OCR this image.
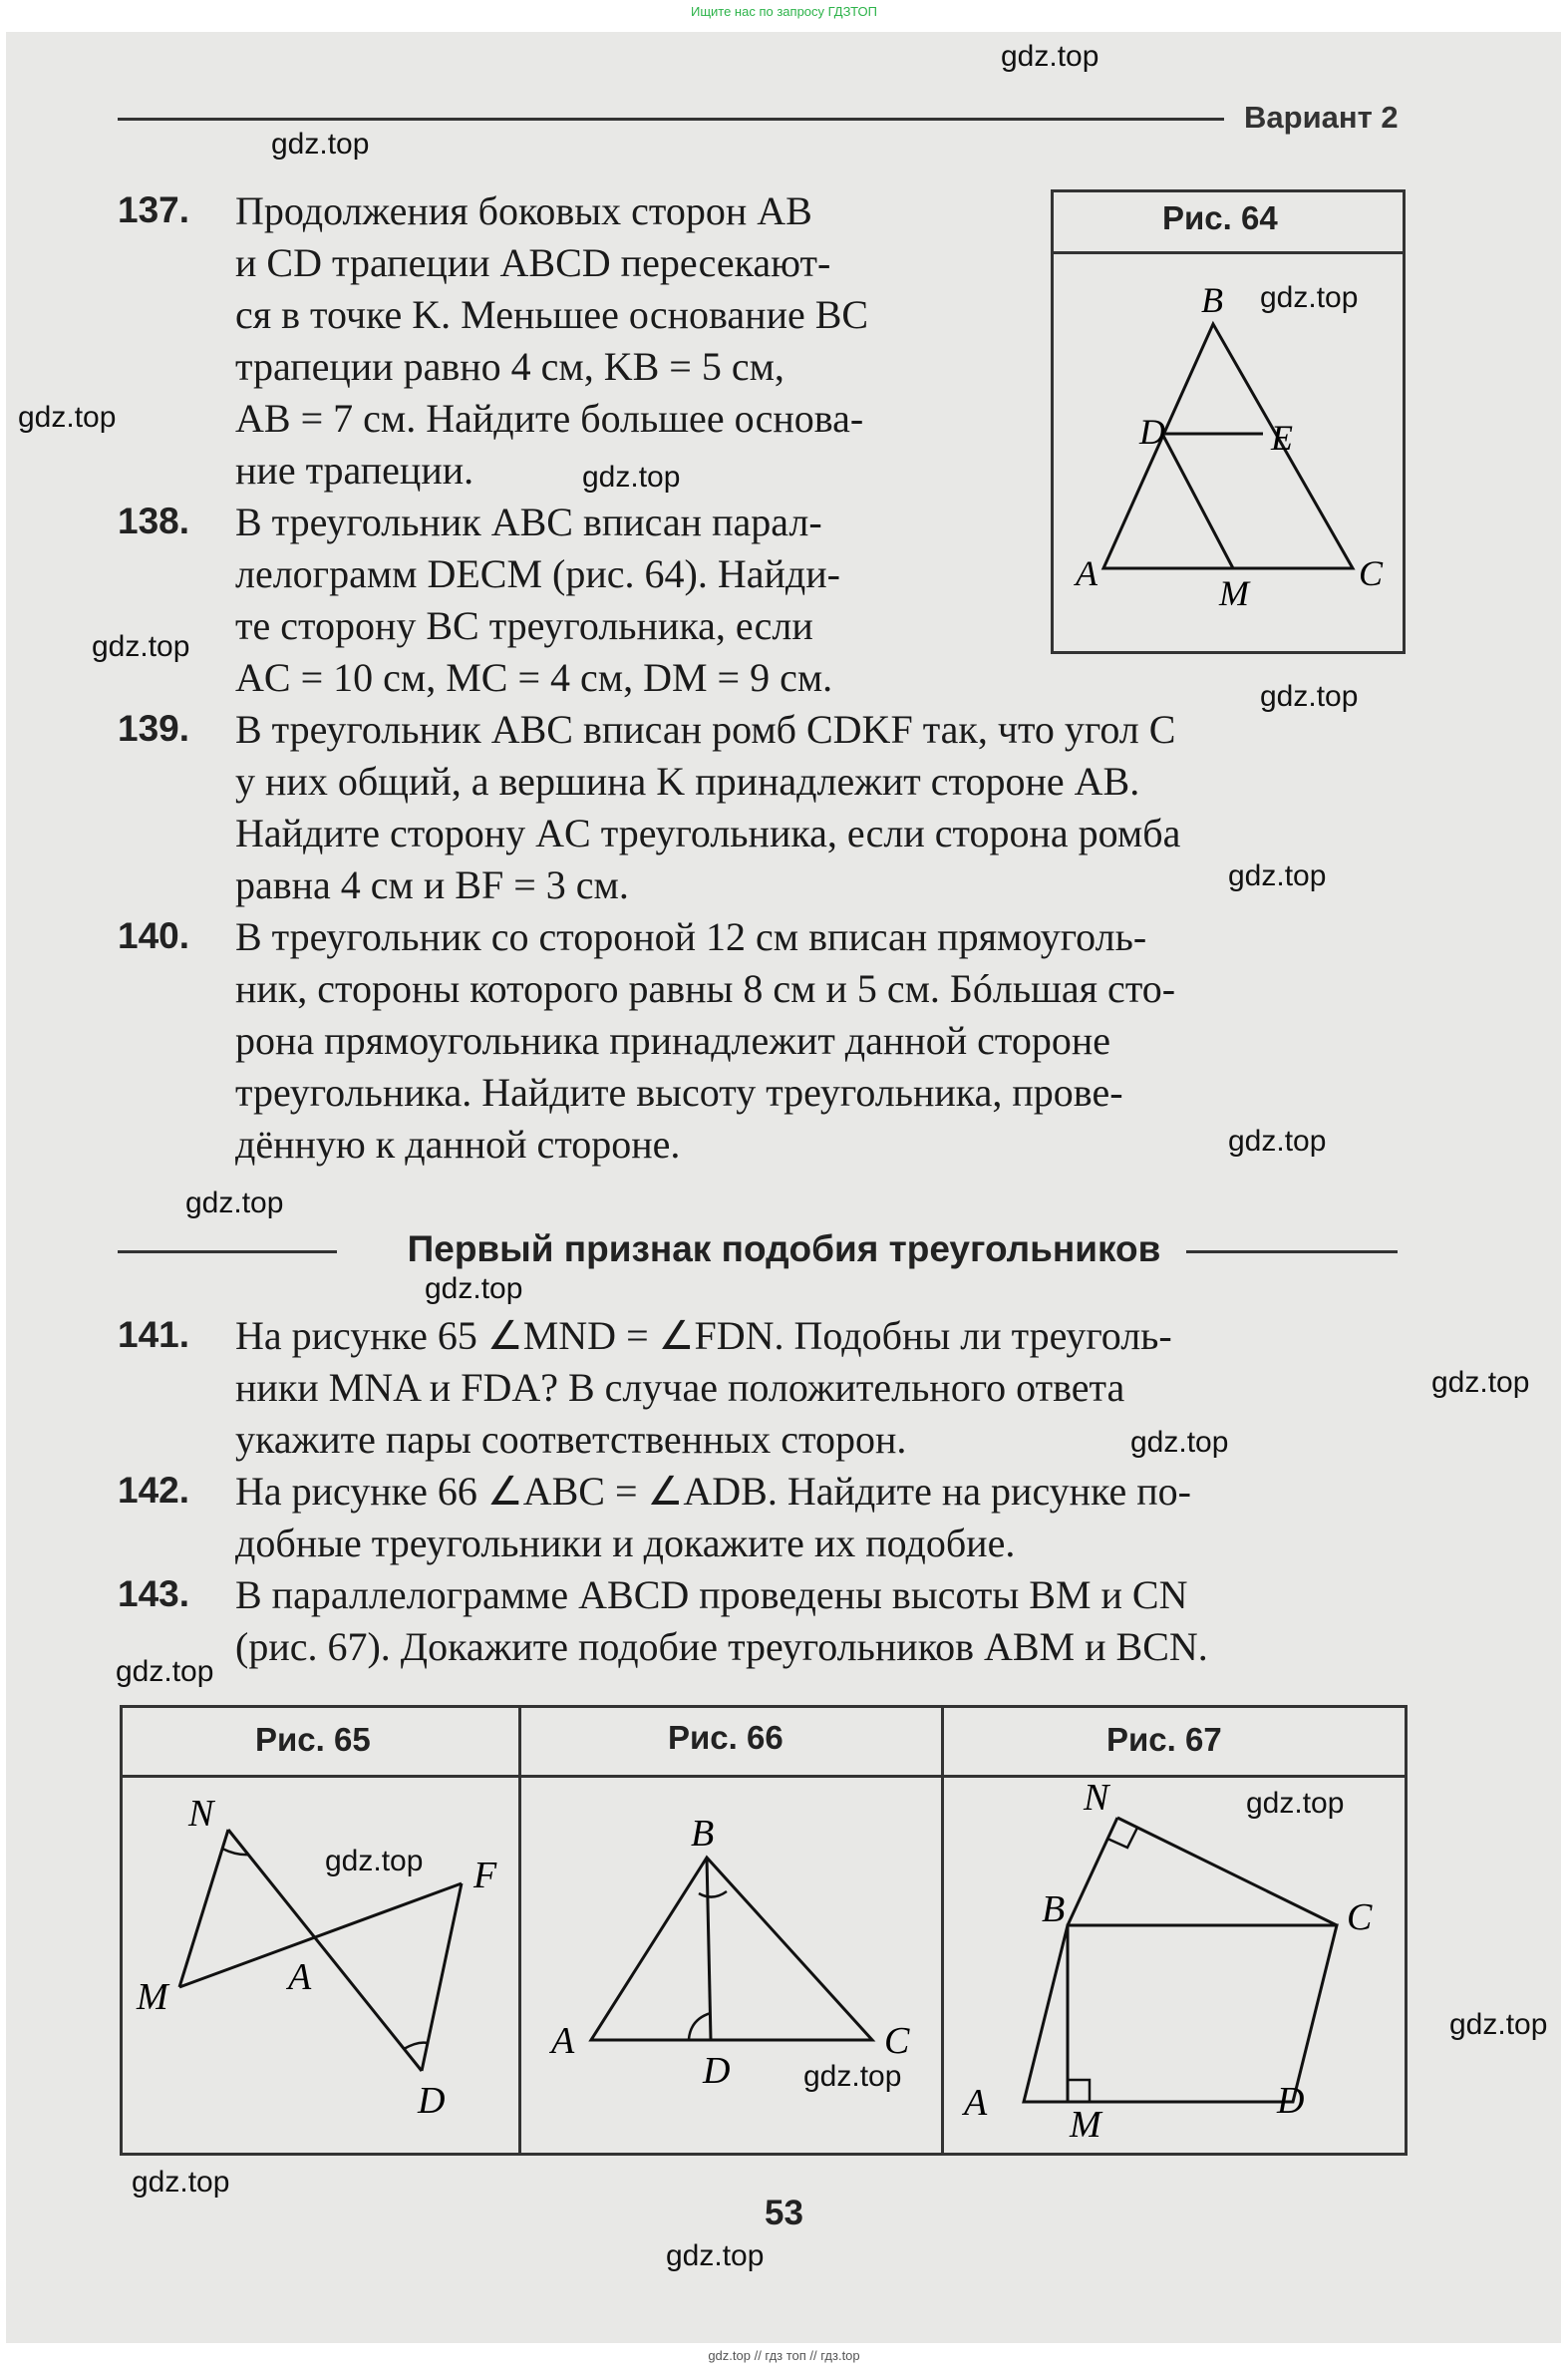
Ищите нас по запросу ГДЗТОП
Вариант 2
137. Продолжения боковых сторон AB
и CD трапеции ABCD пересекают-
ся в точке K. Меньшее основание BC
трапеции равно 4 см, KB = 5 см,
AB = 7 см. Найдите большее основа-
ние трапеции.
138. В треугольник ABC вписан парал-
лелограмм DECM (рис. 64). Найди-
те сторону BC треугольника, если
AC = 10 см, MC = 4 см, DM = 9 см.
Рис. 64
B
D	E
A	M	C
139. В треугольник ABC вписан ромб CDKF так, что угол C
у них общий, а вершина K принадлежит стороне AB.
Найдите сторону AC треугольника, если сторона ромба
равна 4 см и BF = 3 см.
140. В треугольник со стороной 12 см вписан прямоуголь-
ник, стороны которого равны 8 см и 5 см. Бóльшая сто-
рона прямоугольника принадлежит данной стороне
треугольника. Найдите высоту треугольника, прове-
дённую к данной стороне.
Первый признак подобия треугольников
141. На рисунке 65 ∠MND = ∠FDN. Подобны ли треуголь-
ники MNA и FDA? В случае положительного ответа
укажите пары соответственных сторон.
142. На рисунке 66 ∠ABC = ∠ADB. Найдите на рисунке по-
добные треугольники и докажите их подобие.
143. В параллелограмме ABCD проведены высоты BM и CN
(рис. 67). Докажите подобие треугольников ABM и BCN.
Рис. 65	Рис. 66	Рис. 67
N
F
M	A
D
B
A
D
C
N
B	C
A
M
D
53
gdz.top
gdz.top
gdz.top
gdz.top
gdz.top
gdz.top
gdz.top
gdz.top
gdz.top
gdz.top
gdz.top
gdz.top
gdz.top
gdz.top
gdz.top
gdz.top
gdz.top
gdz.top
gdz.top
gdz.top
gdz.top // гдз топ // гдз.top
